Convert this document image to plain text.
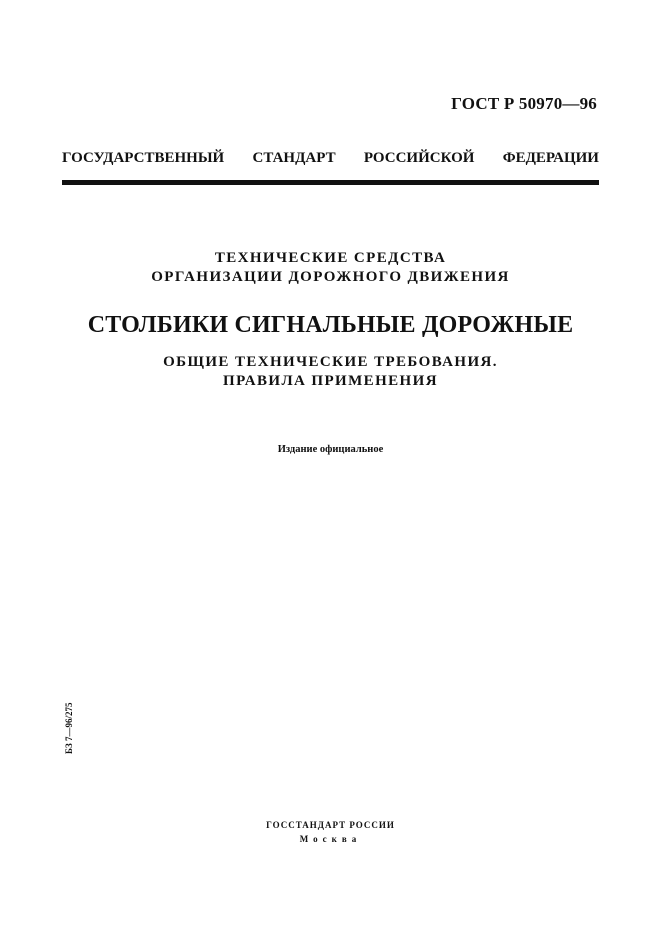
ГОСТ Р 50970—96
ГОСУДАРСТВЕННЫЙ СТАНДАРТ РОССИЙСКОЙ ФЕДЕРАЦИИ
ТЕХНИЧЕСКИЕ СРЕДСТВА
ОРГАНИЗАЦИИ ДОРОЖНОГО ДВИЖЕНИЯ
СТОЛБИКИ СИГНАЛЬНЫЕ ДОРОЖНЫЕ
ОБЩИЕ ТЕХНИЧЕСКИЕ ТРЕБОВАНИЯ.
ПРАВИЛА ПРИМЕНЕНИЯ
Издание официальное
БЗ 7—96/275
ГОССТАНДАРТ РОССИИ
Москва
